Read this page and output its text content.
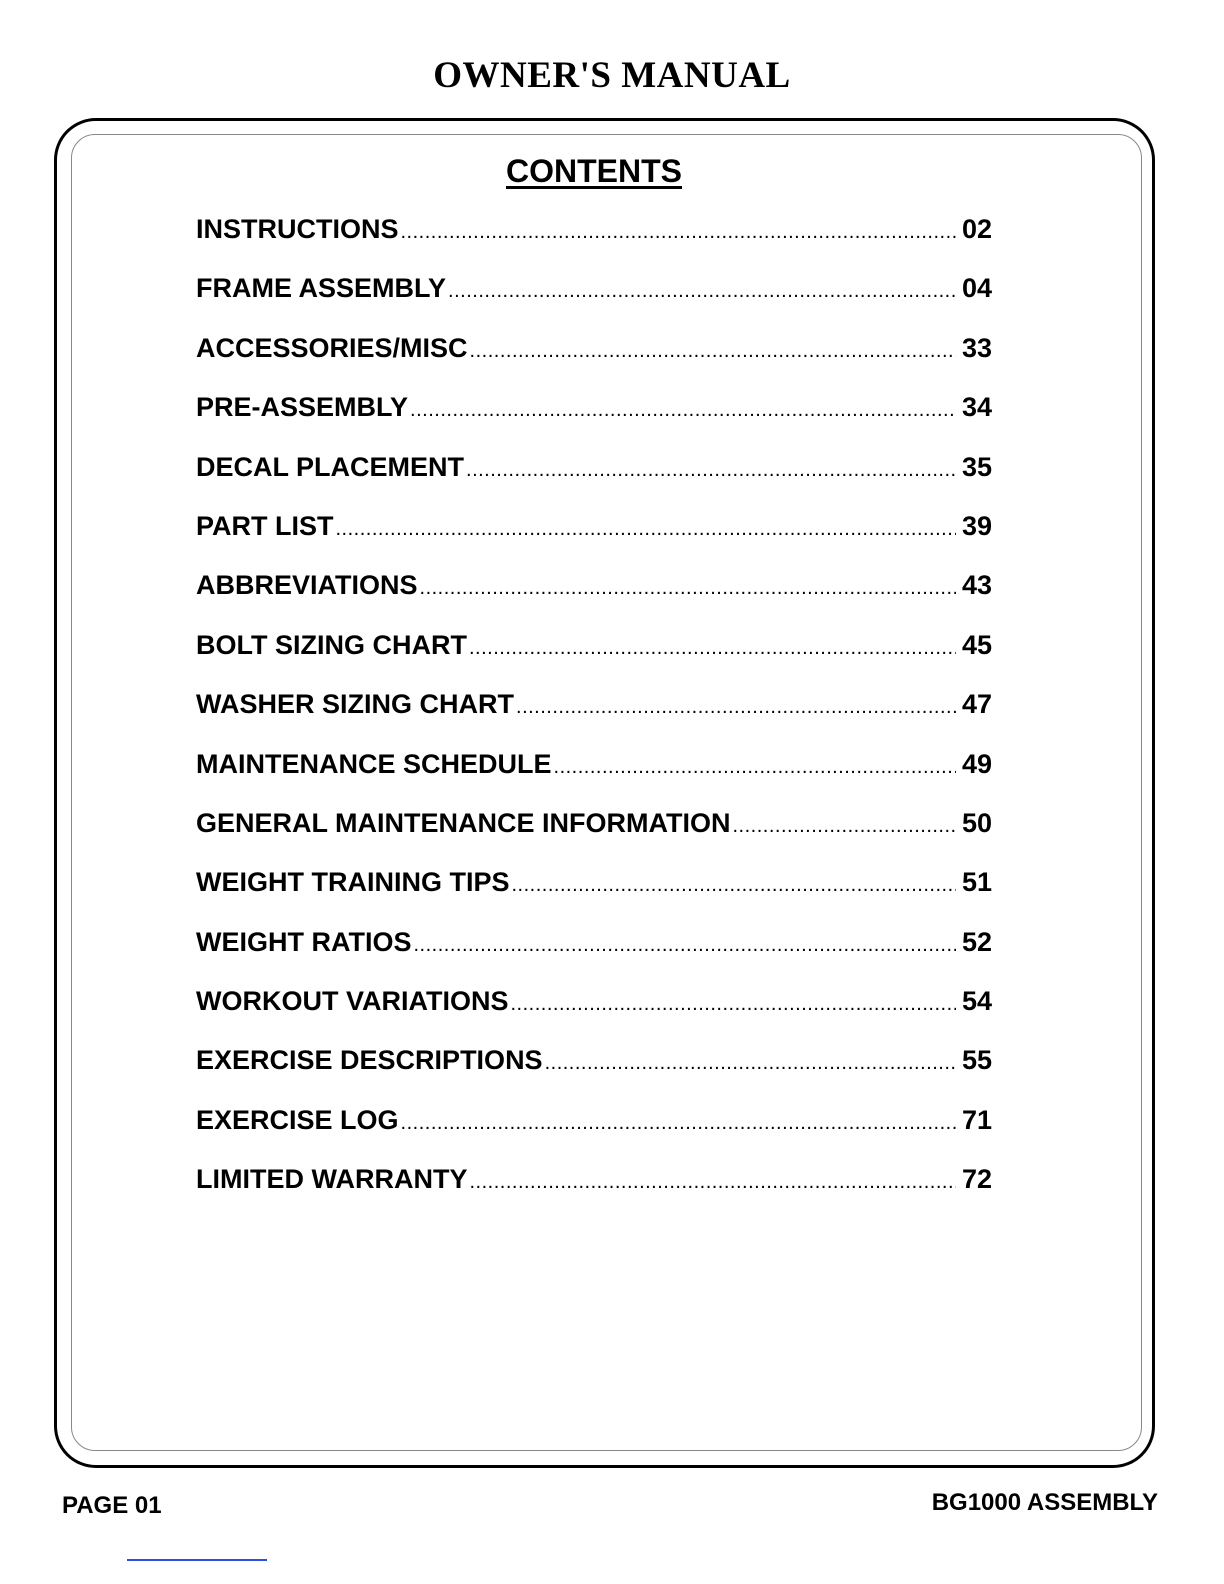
OWNER'S MANUAL
CONTENTS
INSTRUCTIONS .....	02
FRAME ASSEMBLY .....	04
ACCESSORIES/MISC .....	33
PRE-ASSEMBLY .....	34
DECAL PLACEMENT .....	35
PART LIST .....	39
ABBREVIATIONS .....	43
BOLT SIZING CHART .....	45
WASHER SIZING CHART .....	47
MAINTENANCE SCHEDULE .....	49
GENERAL MAINTENANCE INFORMATION .....	50
WEIGHT TRAINING TIPS .....	51
WEIGHT RATIOS .....	52
WORKOUT VARIATIONS .....	54
EXERCISE DESCRIPTIONS .....	55
EXERCISE LOG .....	71
LIMITED WARRANTY .....	72
PAGE 01	BG1000 ASSEMBLY
